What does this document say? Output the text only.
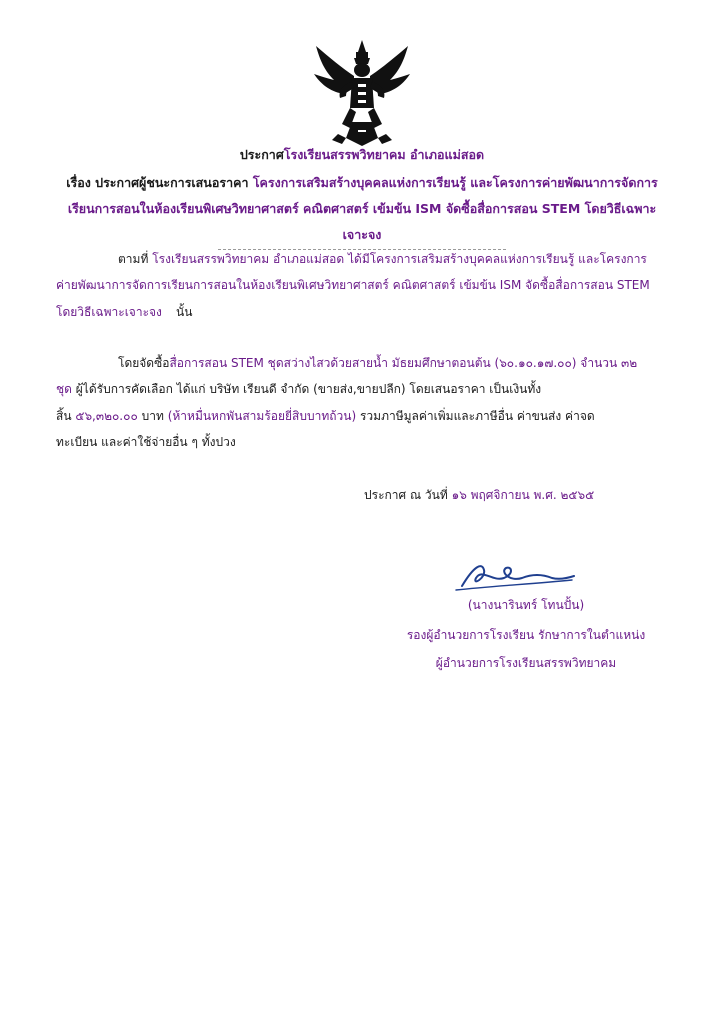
ประกาศโรงเรียนสรรพวิทยาคม อำเภอแม่สอด
เรื่อง ประกาศผู้ชนะการเสนอราคา โครงการเสริมสร้างบุคคลแห่งการเรียนรู้ และโครงการค่ายพัฒนาการจัดการ
เรียนการสอนในห้องเรียนพิเศษวิทยาศาสตร์ คณิตศาสตร์ เข้มข้น ISM จัดซื้อสื่อการสอน STEM โดยวิธีเฉพาะ
เจาะจง
ตามที่ โรงเรียนสรรพวิทยาคม อำเภอแม่สอด ได้มีโครงการเสริมสร้างบุคคลแห่งการเรียนรู้ และโครงการ
ค่ายพัฒนาการจัดการเรียนการสอนในห้องเรียนพิเศษวิทยาศาสตร์ คณิตศาสตร์ เข้มข้น ISM จัดซื้อสื่อการสอน STEM
โดยวิธีเฉพาะเจาะจง นั้น
โดยจัดซื้อสื่อการสอน STEM ชุดสว่างไสวด้วยสายน้ำ มัธยมศึกษาตอนต้น (๖๐.๑๐.๑๗.๐๐) จำนวน ๓๒
ชุด ผู้ได้รับการคัดเลือก ได้แก่ บริษัท เรียนดี จำกัด (ขายส่ง,ขายปลีก) โดยเสนอราคา เป็นเงินทั้ง
สิ้น ๕๖,๓๒๐.๐๐ บาท (ห้าหมื่นหกพันสามร้อยยี่สิบบาทถ้วน) รวมภาษีมูลค่าเพิ่มและภาษีอื่น ค่าขนส่ง ค่าจด
ทะเบียน และค่าใช้จ่ายอื่น ๆ ทั้งปวง
ประกาศ ณ วันที่ ๑๖ พฤศจิกายน พ.ศ. ๒๕๖๕
(นางนารินทร์ โทนปั้น)
รองผู้อำนวยการโรงเรียน รักษาการในตำแหน่ง
ผู้อำนวยการโรงเรียนสรรพวิทยาคม
